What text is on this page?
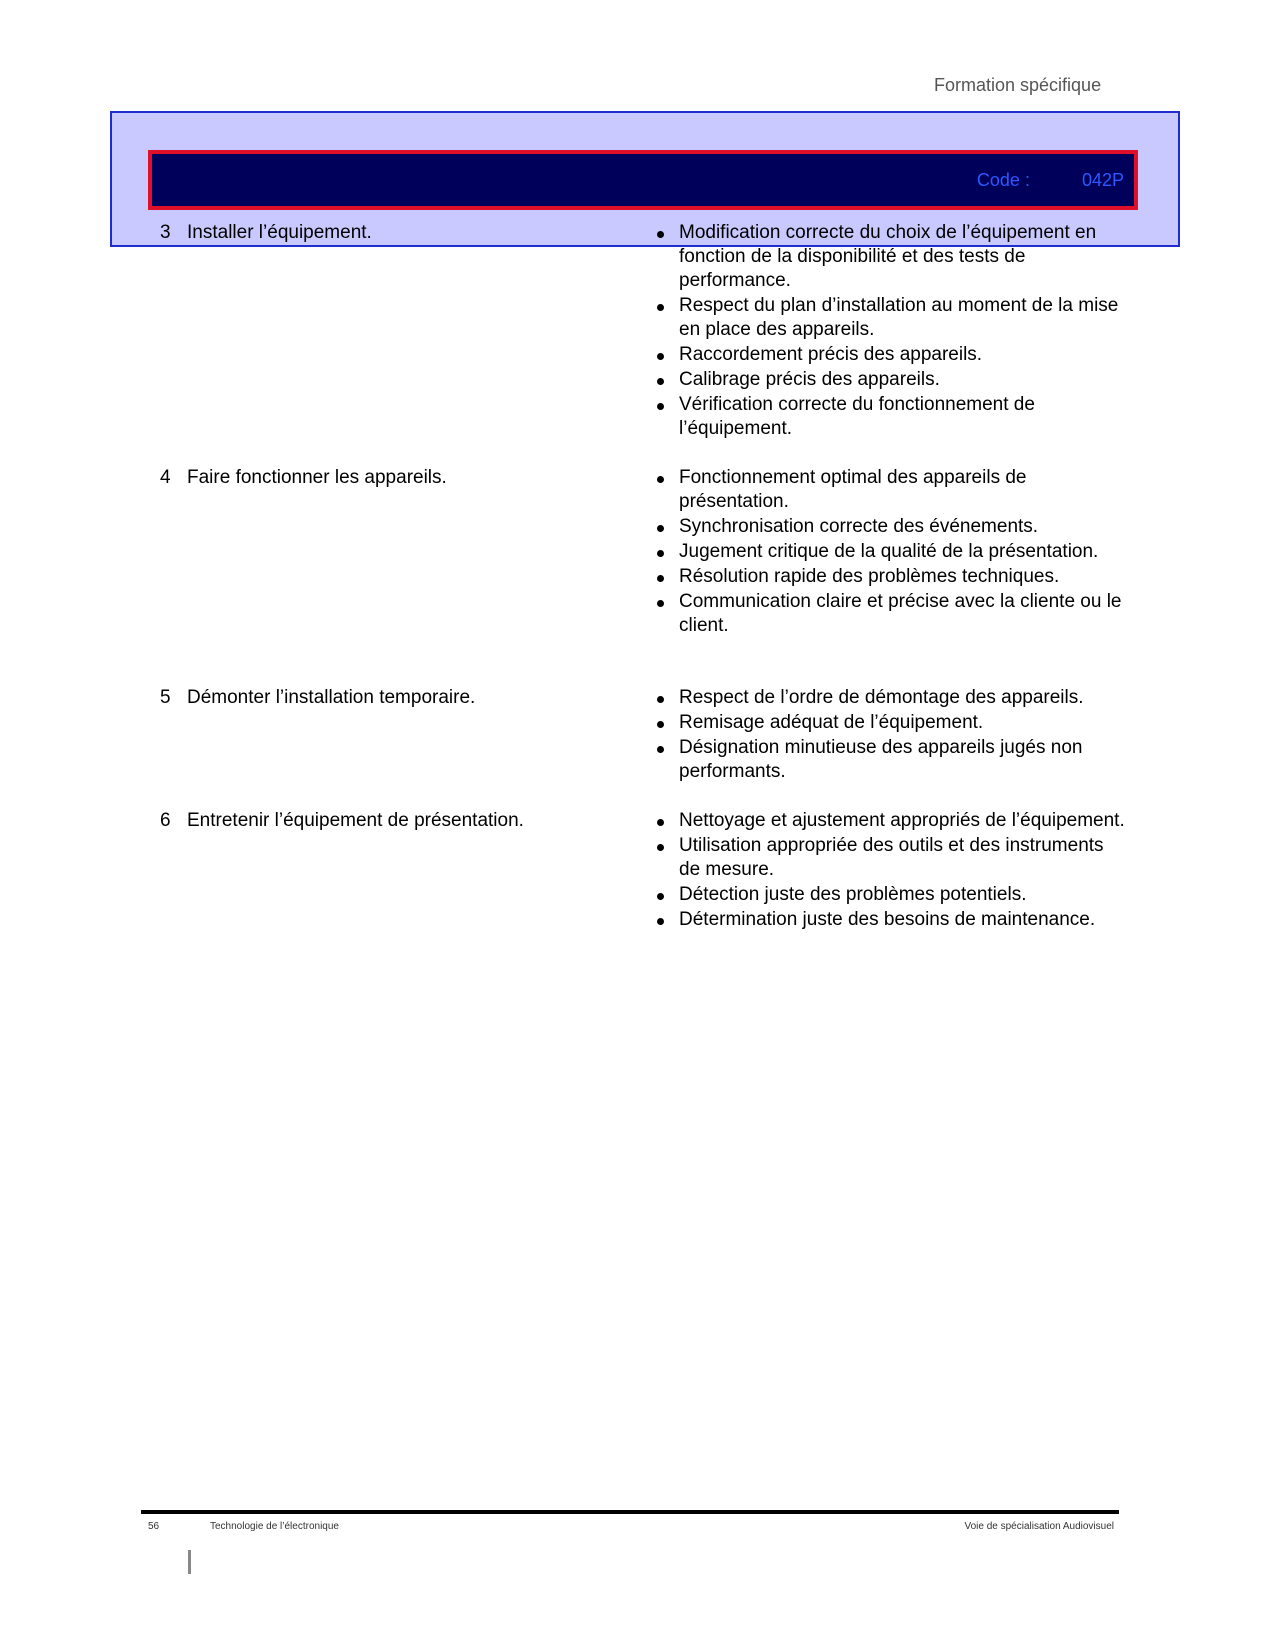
Formation spécifique
Code :	042P
3 Installer l’équipement.	Modification correcte du choix de l’équipement en fonction de la disponibilité et des tests de performance.
Respect du plan d’installation au moment de la mise en place des appareils.
Raccordement précis des appareils.
Calibrage précis des appareils.
Vérification correcte du fonctionnement de l’équipement.
4 Faire fonctionner les appareils.	Fonctionnement optimal des appareils de présentation.
Synchronisation correcte des événements.
Jugement critique de la qualité de la présentation.
Résolution rapide des problèmes techniques.
Communication claire et précise avec la cliente ou le client.
5 Démonter l’installation temporaire.	Respect de l’ordre de démontage des appareils.
Remisage adéquat de l’équipement.
Désignation minutieuse des appareils jugés non performants.
6 Entretenir l’équipement de présentation.	Nettoyage et ajustement appropriés de l’équipement.
Utilisation appropriée des outils et des instruments de mesure.
Détection juste des problèmes potentiels.
Détermination juste des besoins de maintenance.
56	Technologie de l’électronique	Voie de spécialisation Audiovisuel
